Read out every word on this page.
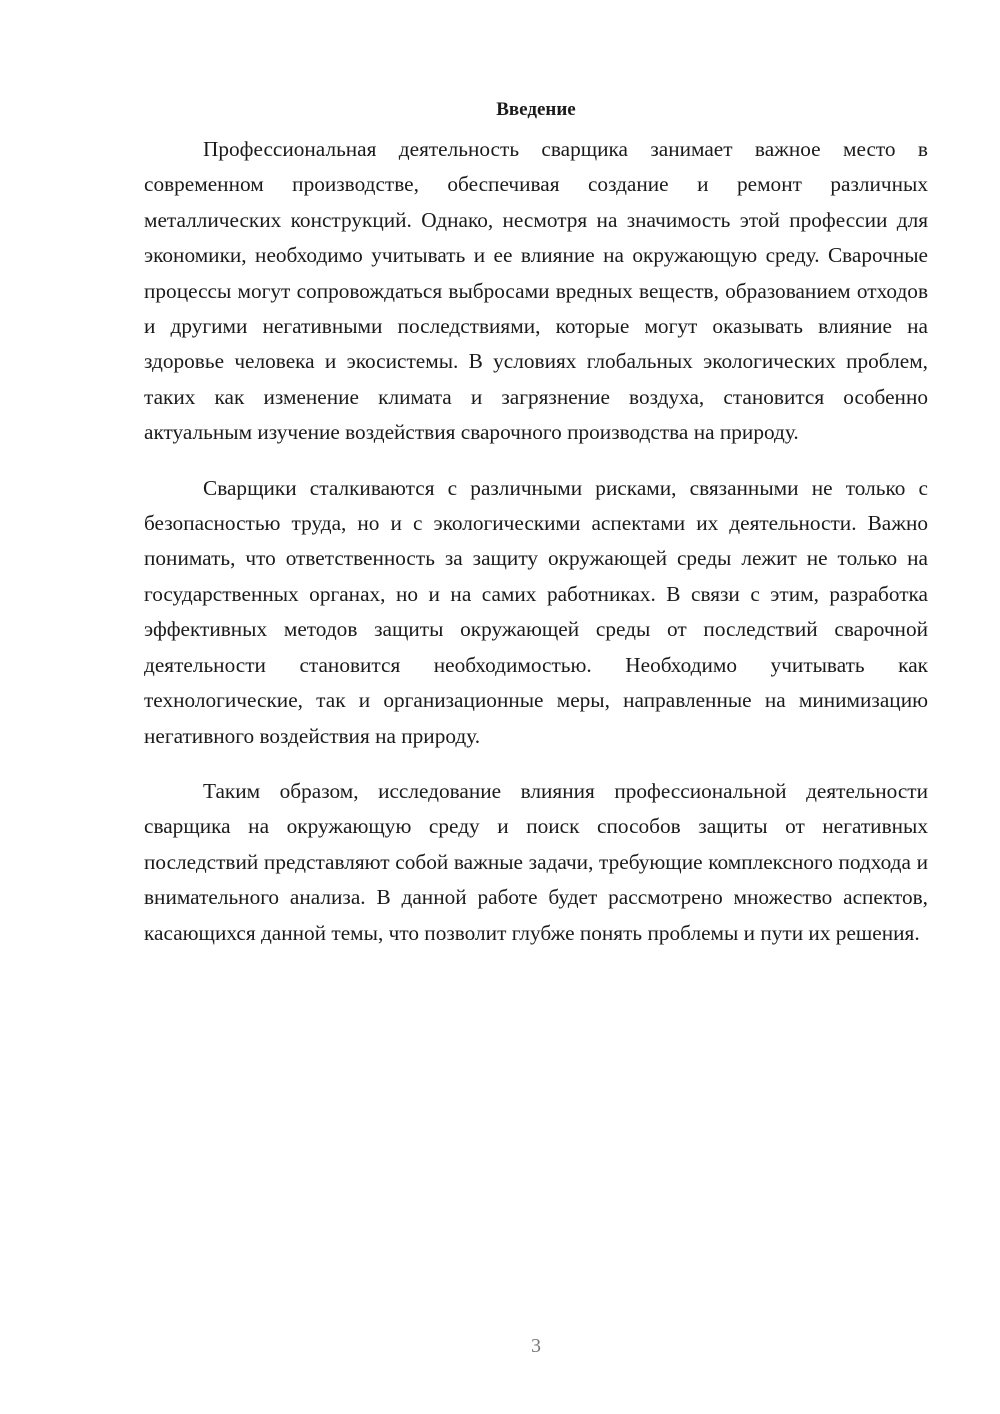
Введение

Профессиональная деятельность сварщика занимает важное место в современном производстве, обеспечивая создание и ремонт различных металлических конструкций. Однако, несмотря на значимость этой профессии для экономики, необходимо учитывать и ее влияние на окружающую среду. Сварочные процессы могут сопровождаться выбросами вредных веществ, образованием отходов и другими негативными последствиями, которые могут оказывать влияние на здоровье человека и экосистемы. В условиях глобальных экологических проблем, таких как изменение климата и загрязнение воздуха, становится особенно актуальным изучение воздействия сварочного производства на природу.

Сварщики сталкиваются с различными рисками, связанными не только с безопасностью труда, но и с экологическими аспектами их деятельности. Важно понимать, что ответственность за защиту окружающей среды лежит не только на государственных органах, но и на самих работниках. В связи с этим, разработка эффективных методов защиты окружающей среды от последствий сварочной деятельности становится необходимостью. Необходимо учитывать как технологические, так и организационные меры, направленные на минимизацию негативного воздействия на природу.

Таким образом, исследование влияния профессиональной деятельности сварщика на окружающую среду и поиск способов защиты от негативных последствий представляют собой важные задачи, требующие комплексного подхода и внимательного анализа. В данной работе будет рассмотрено множество аспектов, касающихся данной темы, что позволит глубже понять проблемы и пути их решения.

3
